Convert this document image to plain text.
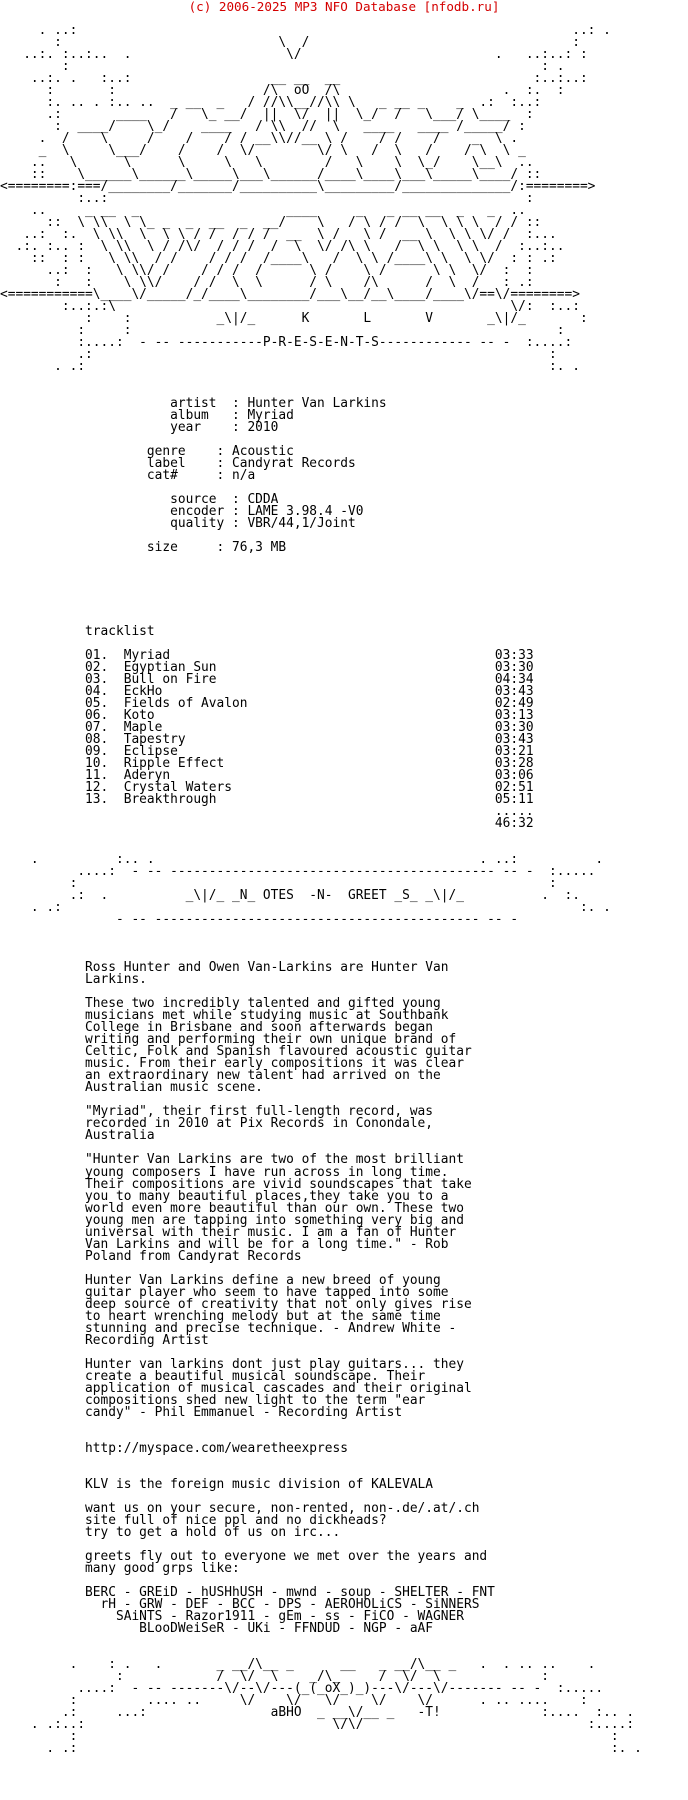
(c) 2006-2025 MP3 NFO Database [nfodb.ru]

. ..:                                                                ..: .
:                            \  /                                  :
..:. :..:..  .                    \/                         .   ..:..: :
:                                                             : .
..:. .   :..:                  __ __  __                         :..:..:
:       :                   /\  oO  /\                     .  :.  :
:. .. . :.. ..  _ __  _   / //\\__//\\ \   _ __ _    _  .:  :..:
.:       ____   /   \_ __/  ||  \/  ||  \_/  /   \___/ \____  :
:  ____/    \_/    ____   / \\  //  \   ____   ____ /_____/ :
.  /    \     /    /    / / __\\//__ \ /    / /    /    _  \ .
_  \     \___/    /    /  \/        \/ \   /  \   /    / \  \ _
..   \      \      \     \   \        /   \    \  \_/    \__\  ..
::    \______\______\_____\___\______/____\____\___\_____\____/ ::
<========:===/________/_______/__________\_________/______________/:========>
:..:                                                      :
..     _ __  _                   ____     _   _ __ __  _   _  ..
::  \ \\  \ \_ _  _  __  _  __/    \   / \ / /  \  \ \ \  / / ::
..:  :.  \ \\  \  \ \ / /  / / /  __  \ /   \ /  __ \  \ \ \/ /  :...
.:. :.. :  \ \\  \ / /\/  / / /  /  \  \/ /\ \   /  \ \  \ \  /  :..:..
::  : :   \ \\  / /    / / /  /____\   /  \ \ /____\ \  \ \/  : : .:
..:  :   \ \\/ /    / / /  /      \ /    \ /      \ \  \/  :  :
:   :    \ \\/    / /  \  \      / \    /\      /  \  /   : .:
<===========\____\/_____/_/____\________/___\__/__\____/____\/==\/========>
:..:.:\                                                   \/:  :..:
:    :           _\|/_      K       L       V       _\|/_       :
:     :                                                       :
:....:  - -- -----------P-R-E-S-E-N-T-S------------ -- -  :....:
.:                                                           :
. .:                                                            :. .

artist  : Hunter Van Larkins
album   : Myriad
year    : 2010

genre    : Acoustic
label    : Candyrat Records
cat#     : n/a

source  : CDDA
encoder : LAME 3.98.4 -V0
quality : VBR/44,1/Joint

size     : 76,3 MB

tracklist

01.  Myriad                                          03:33
02.  Egyptian Sun                                    03:30
03.  Bull on Fire                                    04:34
04.  EckHo                                           03:43
05.  Fields of Avalon                                02:49
06.  Koto                                            03:13
07.  Maple                                           03:30
08.  Tapestry                                        03:43
09.  Eclipse                                         03:21
10.  Ripple Effect                                   03:28
11.  Aderyn                                          03:06
12.  Crystal Waters                                  02:51
13.  Breakthrough                                    05:11
.....
46:32

.          :.. .                                          . ..:          .
....:  - -- ------------------------------------------ -- -  :.....
:                                                             :
.:  .          _\|/_ _N_ OTES  -N-  GREET _S_ _\|/_          .  :.
. .:                                                                   :. .
- -- ------------------------------------------ -- -

Ross Hunter and Owen Van-Larkins are Hunter Van
Larkins.

These two incredibly talented and gifted young
musicians met while studying music at Southbank
College in Brisbane and soon afterwards began
writing and performing their own unique brand of
Celtic, Folk and Spanish flavoured acoustic guitar
music. From their early compositions it was clear
an extraordinary new talent had arrived on the
Australian music scene.

"Myriad", their first full-length record, was
recorded in 2010 at Pix Records in Conondale,
Australia

"Hunter Van Larkins are two of the most brilliant
young composers I have run across in long time.
Their compositions are vivid soundscapes that take
you to many beautiful places,they take you to a
world even more beautiful than our own. These two
young men are tapping into something very big and
universal with their music. I am a fan of Hunter
Van Larkins and will be for a long time." - Rob
Poland from Candyrat Records

Hunter Van Larkins define a new breed of young
guitar player who seem to have tapped into some
deep source of creativity that not only gives rise
to heart wrenching melody but at the same time
stunning and precise technique. - Andrew White -
Recording Artist

Hunter van larkins dont just play guitars... they
create a beautiful musical soundscape. Their
application of musical cascades and their original
compositions shed new light to the term "ear
candy" - Phil Emmanuel - Recording Artist

http://myspace.com/wearetheexpress

KLV is the foreign music division of KALEVALA

want us on your secure, non-rented, non-.de/.at/.ch
site full of nice ppl and no dickheads?
try to get a hold of us on irc...

greets fly out to everyone we met over the years and
many good grps like:

BERC - GREiD - hUSHhUSH - mwnd - soup - SHELTER - FNT
rH - GRW - DEF - BCC - DPS - AEROHOLiCS - SiNNERS
SAiNTS - Razor1911 - gEm - ss - FiCO - WAGNER
BLooDWeiSeR - UKi - FFNDUD - NGP - aAF

.    : .   .       _ __/\__ _      __   _ __/\__ _   .  . .. ..    .
:            /  \/  \    _/\_     /  \/  \             :
....:  - -- -------\/--\/---(_(_oX_)_)---\/---\/------- -- -  :.....
:         .... ..     \/    \/   \/    \/    \/      . .. ....    :
.:     ...:                aBHO  _ __\/__ _   -T!             :....  :.. .
. .:..:                                \/\/                             :....:
:                                                                     :
. .:                                                                     :. .
